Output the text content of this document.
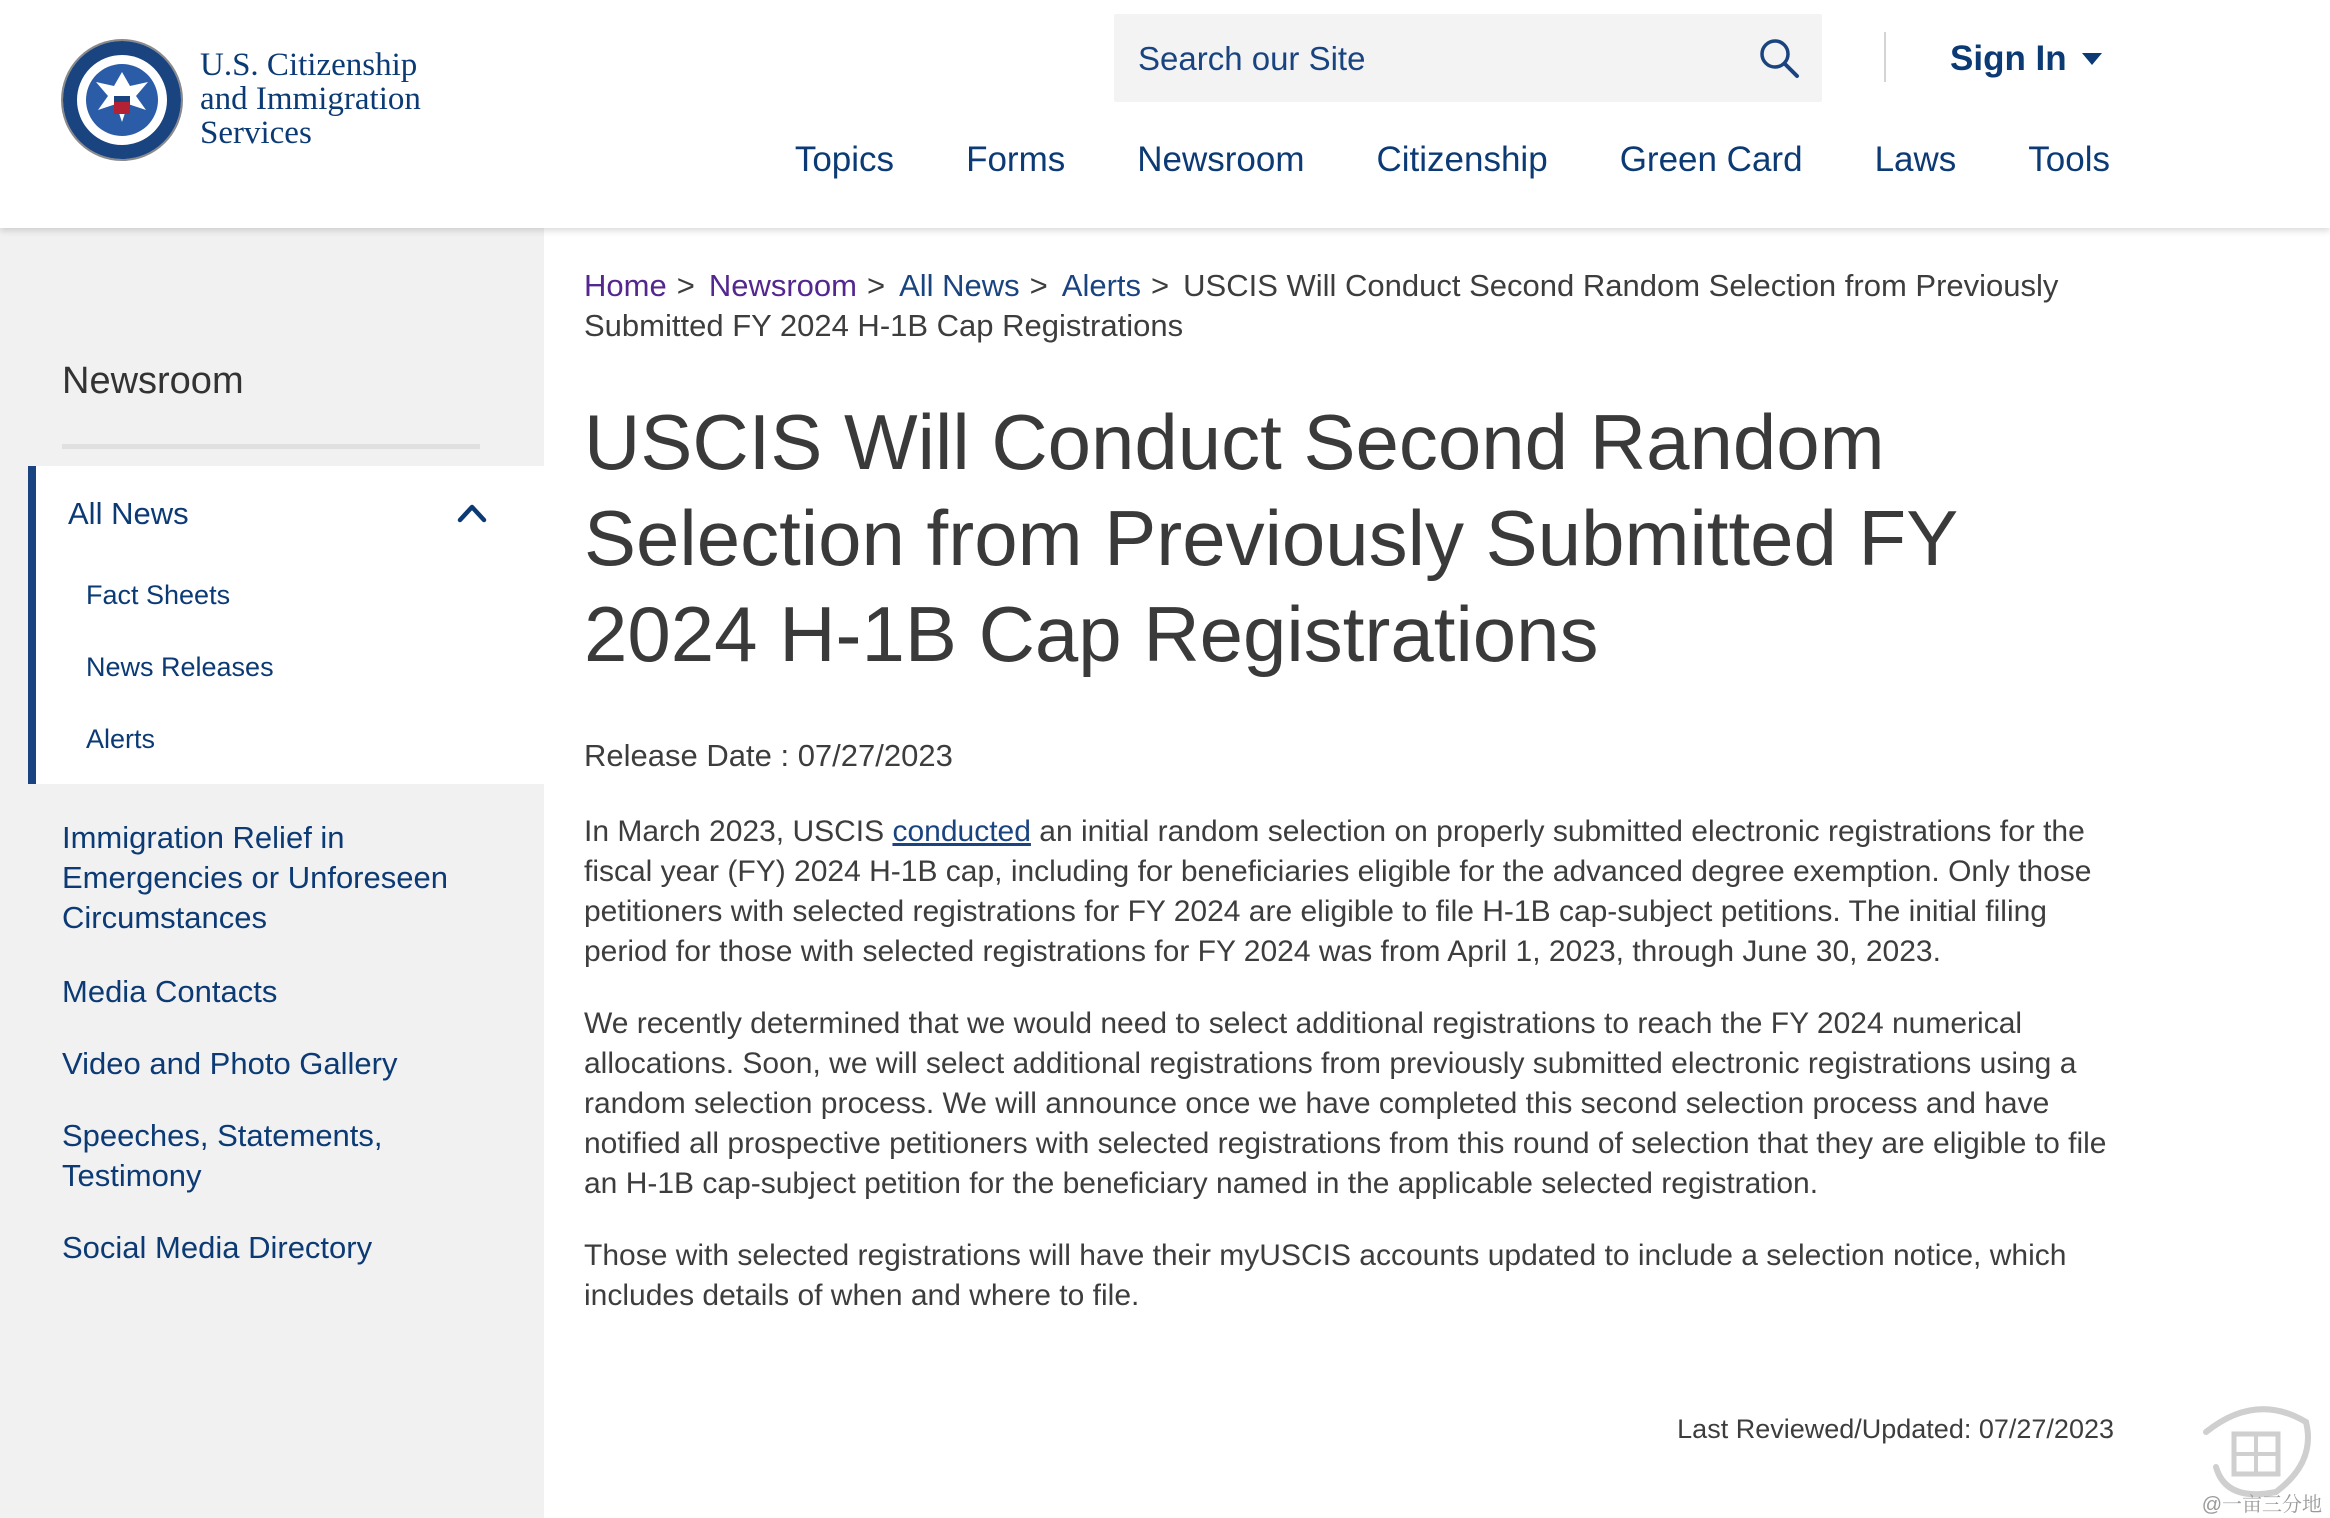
U.S. Citizenship
and Immigration
Services
Search our Site
Sign In
Topics Forms Newsroom Citizenship Green Card Laws Tools
Newsroom
All News
Fact Sheets
News Releases
Alerts
Immigration Relief in Emergencies or Unforeseen Circumstances
Media Contacts
Video and Photo Gallery
Speeches, Statements, Testimony
Social Media Directory
Home > Newsroom > All News > Alerts > USCIS Will Conduct Second Random Selection from Previously Submitted FY 2024 H-1B Cap Registrations
USCIS Will Conduct Second Random Selection from Previously Submitted FY 2024 H-1B Cap Registrations
Release Date : 07/27/2023

In March 2023, USCIS conducted an initial random selection on properly submitted electronic registrations for the fiscal year (FY) 2024 H-1B cap, including for beneficiaries eligible for the advanced degree exemption. Only those petitioners with selected registrations for FY 2024 are eligible to file H-1B cap-subject petitions. The initial filing period for those with selected registrations for FY 2024 was from April 1, 2023, through June 30, 2023.

We recently determined that we would need to select additional registrations to reach the FY 2024 numerical allocations. Soon, we will select additional registrations from previously submitted electronic registrations using a random selection process. We will announce once we have completed this second selection process and have notified all prospective petitioners with selected registrations from this round of selection that they are eligible to file an H-1B cap-subject petition for the beneficiary named in the applicable selected registration.

Those with selected registrations will have their myUSCIS accounts updated to include a selection notice, which includes details of when and where to file.

Last Reviewed/Updated: 07/27/2023
@一亩三分地
